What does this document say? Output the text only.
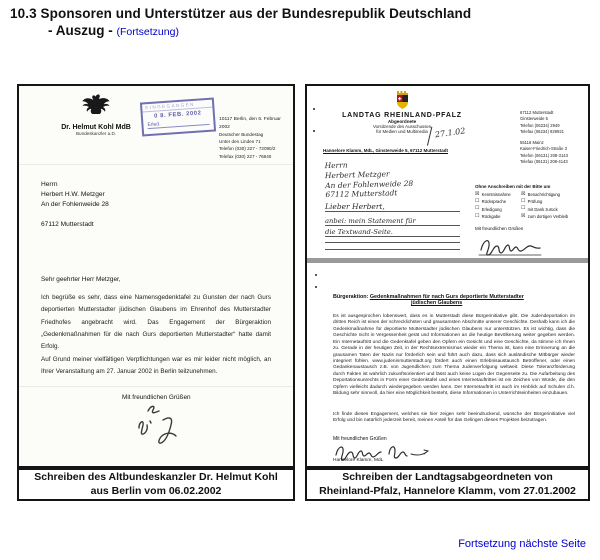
10.3 Sponsoren und Unterstützer aus der Bundesrepublik Deutschland
- Auszug - (Fortsetzung)
Dr. Helmut Kohl MdB
Bundeskanzler a.D.
EINGEGANGEN
0 8. FEB. 2002
Erled.
10117 Berlin, den 6. Februar 2002
Deutscher Bundestag
Unter den Linden 71
Telefon (030) 227 - 72090/2
Telefax (030) 227 - 76840
Herrn
Herbert H.W. Metzger
An der Fohlenweide 28
67112 Mutterstadt
Sehr geehrter Herr Metzger,
Ich begrüße es sehr, dass eine Namensgedenktafel zu Gunsten der nach Gurs deportierten Mutterstadter jüdischen Glaubens im Ehrenhof des Mutterstadter Friedhofes angebracht wird. Das Engagement der Bürgeraktion „Gedenkmaßnahmen für die nach Gurs deportierten Mutterstadter“ hatte damit Erfolg.
Auf Grund meiner vielfältigen Verpflichtungen war es mir leider nicht möglich, an Ihrer Veranstaltung am 27. Januar 2002 in Berlin teilzunehmen.
Mit freundlichen Grüßen
Schreiben des Altbundeskanzler Dr. Helmut Kohl
aus Berlin vom 06.02.2002
LANDTAG RHEINLAND-PFALZ
Abgeordnete
Vorsitzende des Ausschusses
für Medien und Multimedia
Hannelore Klamm, MdL, Ginsterweide 5, 67112 Mutterstadt
27.1.02
67112 Mutterstadt
Ginsterweide 5
Telefon (06234) 2949
Telefax (06234) 929921
55116 Mainz
Kaiser-Friedrich-Straße 3
Telefon (06131) 208-3143
Telefax (06131) 208-4143
Herrn
Herbert Metzger
An der Fohlenweide 28
67112 Mutterstadt
Lieber Herbert,
anbei: mein Statement für
die Textwand-Seite.
Ohne Anschreiben mit der Bitte um
☒ Kenntnisnahme ☒ Benachrichtigung
☐ Rücksprache	☐ Prüfung
☐ Erledigung	☐ mit Dank zurück
☐ Rückgabe	☒ zum dortigen Verbleib
Mit freundlichen Grüßen
Bürgeraktion: Gedenkmaßnahmen für nach Gurs deportierte Mutterstadter
jüdischen Glaubens
Es ist ausgesprochen lobenswert, dass es in Mutterstadt diese Bürgerinitiative gibt. Die Judendeportation im dritten Reich ist eines der schrecklichsten und grausamsten Abschnitte unserer Geschichte. Deshalb kann ich die Gedenkmaßnahme für deportierte Mutterstadter jüdischen Glaubens nur unterstützen. Es ist wichtig, dass die Geschichte nicht in Vergessenheit gerät und Informationen an die heutige Bevölkerung weiter gegeben werden. Ein Internetauftritt und die Gedenktafel geben den Opfern ein Gesicht und eine Geschichte, da stimme ich Ihnen zu. Gerade in der heutigen Zeit, in der Rechtsextremismus wieder ein Thema ist, kann eine Erinnerung an die grausamen Taten der Nazis nur förderlich sein und führt auch dazu, dass sich ausländische Mitbürger wieder integriert fühlen. www.judeninmutterstadt.org fördert auch einen Erlebnisaustausch Betroffener, oder einen Gedankenaustausch z.B. von Jugendlichen zum Thema Judenverfolgung weltweit. Diese Toleranzförderung durch Fakten ist wahrlich zukunftsorientiert und lässt auch keine Lügen der Gegenseite zu. Die Aufarbeitung des Deportationsunrechts in Form einer Gedenktafel und eines Internetauftrittes ist ein Zeichen von Würde, die den Opfern vielleicht dadurch wiedergegeben werden kann. Der Internetauftritt ist auch im Hinblick auf Schulen d.h. Bildung sehr sinnvoll, da hier eine Möglichkeit besteht, diese Informationen in Unterrichtseinheiten einzubauen.
Ich finde dieses Engagement, welches sie hier zeigen sehr beeindruckend, wünsche der Bürgerinitiative viel Erfolg und bin natürlich jederzeit bereit, meinen Anteil für das Gelingen dieses Projektes beizutragen.
Mit freundlichen Grüßen
Hannelore Klamm, MdL
Schreiben der Landtagsabgeordneten von
Rheinland-Pfalz, Hannelore Klamm, vom 27.01.2002
Fortsetzung nächste Seite
